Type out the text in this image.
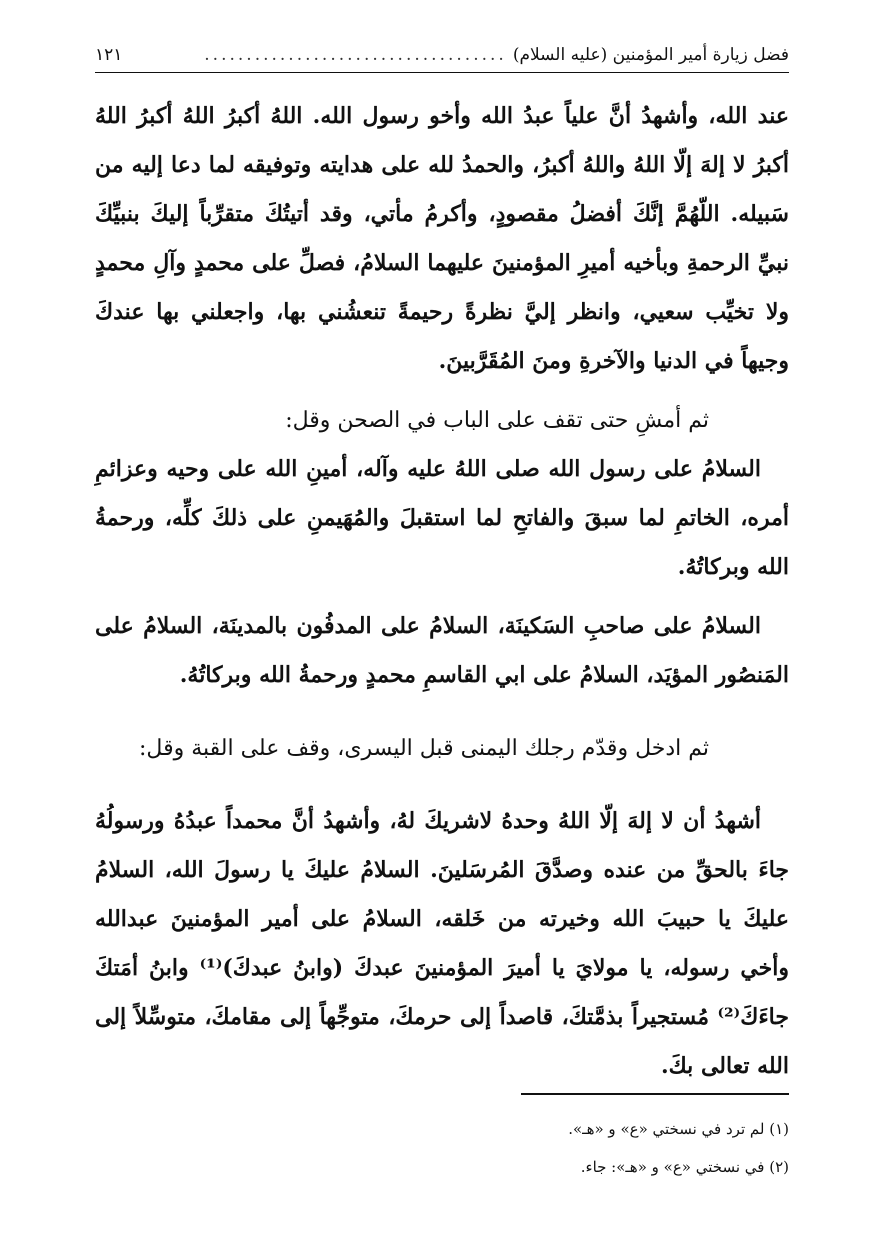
فضل زيارة أمير المؤمنين (عليه السلام)
....................................
١٢١

عند الله، وأشهدُ أنَّ علياً عبدُ الله وأخو رسول الله. اللهُ أكبرُ اللهُ أكبرُ اللهُ أكبرُ لا إلهَ إلّا اللهُ واللهُ أكبرُ، والحمدُ لله على هدايته وتوفيقه لما دعا إليه من سَبيله. اللّهُمَّ إنَّكَ أفضلُ مقصودٍ، وأكرمُ مأتي، وقد أتيتُكَ متقرِّباً إليكَ بنبيِّكَ نبيِّ الرحمةِ وبأخيه أميرِ المؤمنينَ عليهما السلامُ، فصلِّ على محمدٍ وآلِ محمدٍ ولا تخيِّب سعيي، وانظر إليَّ نظرةً رحيمةً تنعشُني بها، واجعلني بها عندكَ وجيهاً في الدنيا والآخرةِ ومنَ المُقَرَّبينَ.

ثم أمشِ حتى تقف على الباب في الصحن وقل:

السلامُ على رسول الله صلى اللهُ عليه وآله، أمينِ الله على وحيه وعزائمِ أمره، الخاتمِ لما سبقَ والفاتحِ لما استقبلَ والمُهَيمنِ على ذلكَ كلِّه، ورحمةُ الله وبركاتُهُ.

السلامُ على صاحبِ السَكينَة، السلامُ على المدفُون بالمدينَة، السلامُ على المَنصُور المؤيَد، السلامُ على ابي القاسمِ محمدٍ ورحمةُ الله وبركاتُهُ.

ثم ادخل وقدّم رجلك اليمنى قبل اليسرى، وقف على القبة وقل:

أشهدُ أن لا إلهَ إلّا اللهُ وحدهُ لاشريكَ لهُ، وأشهدُ أنَّ محمداً عبدُهُ ورسولُهُ جاءَ بالحقِّ من عنده وصدَّقَ المُرسَلينَ. السلامُ عليكَ يا رسولَ الله، السلامُ عليكَ يا حبيبَ الله وخيرته من خَلقه، السلامُ على أمير المؤمنينَ عبدالله وأخي رسوله، يا مولايَ يا أميرَ المؤمنينَ عبدكَ (وابنُ عبدكَ)⁽¹⁾ وابنُ أمَتكَ جاءَكَ⁽²⁾ مُستجيراً بذمَّتكَ، قاصداً إلى حرمكَ، متوجِّهاً إلى مقامكَ، متوسِّلاً إلى الله تعالى بكَ.

(١) لم ترد في نسختي «ع» و «هـ».
(٢) في نسختي «ع» و «هـ»: جاء.
